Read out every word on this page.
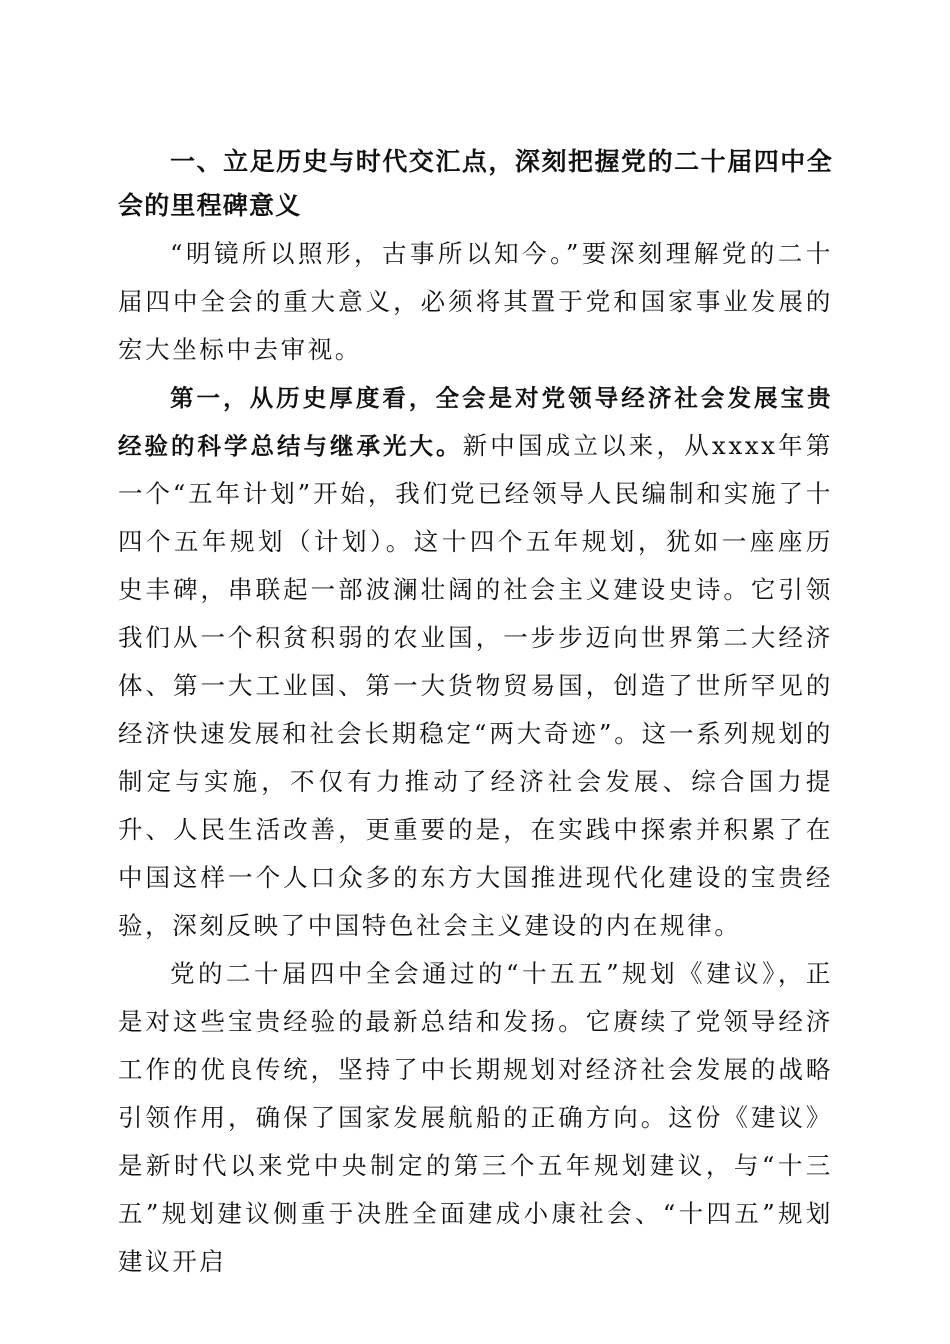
一、立足历史与时代交汇点，深刻把握党的二十届四中全会的里程碑意义

“明镜所以照形，古事所以知今。”要深刻理解党的二十届四中全会的重大意义，必须将其置于党和国家事业发展的宏大坐标中去审视。

第一，从历史厚度看，全会是对党领导经济社会发展宝贵经验的科学总结与继承光大。新中国成立以来，从xxxx年第一个“五年计划”开始，我们党已经领导人民编制和实施了十四个五年规划（计划）。这十四个五年规划，犹如一座座历史丰碑，串联起一部波澜壮阔的社会主义建设史诗。它引领我们从一个积贫积弱的农业国，一步步迈向世界第二大经济体、第一大工业国、第一大货物贸易国，创造了世所罕见的经济快速发展和社会长期稳定“两大奇迹”。这一系列规划的制定与实施，不仅有力推动了经济社会发展、综合国力提升、人民生活改善，更重要的是，在实践中探索并积累了在中国这样一个人口众多的东方大国推进现代化建设的宝贵经验，深刻反映了中国特色社会主义建设的内在规律。

党的二十届四中全会通过的“十五五”规划《建议》，正是对这些宝贵经验的最新总结和发扬。它赓续了党领导经济工作的优良传统，坚持了中长期规划对经济社会发展的战略引领作用，确保了国家发展航船的正确方向。这份《建议》是新时代以来党中央制定的第三个五年规划建议，与“十三五”规划建议侧重于决胜全面建成小康社会、“十四五”规划建议开启
